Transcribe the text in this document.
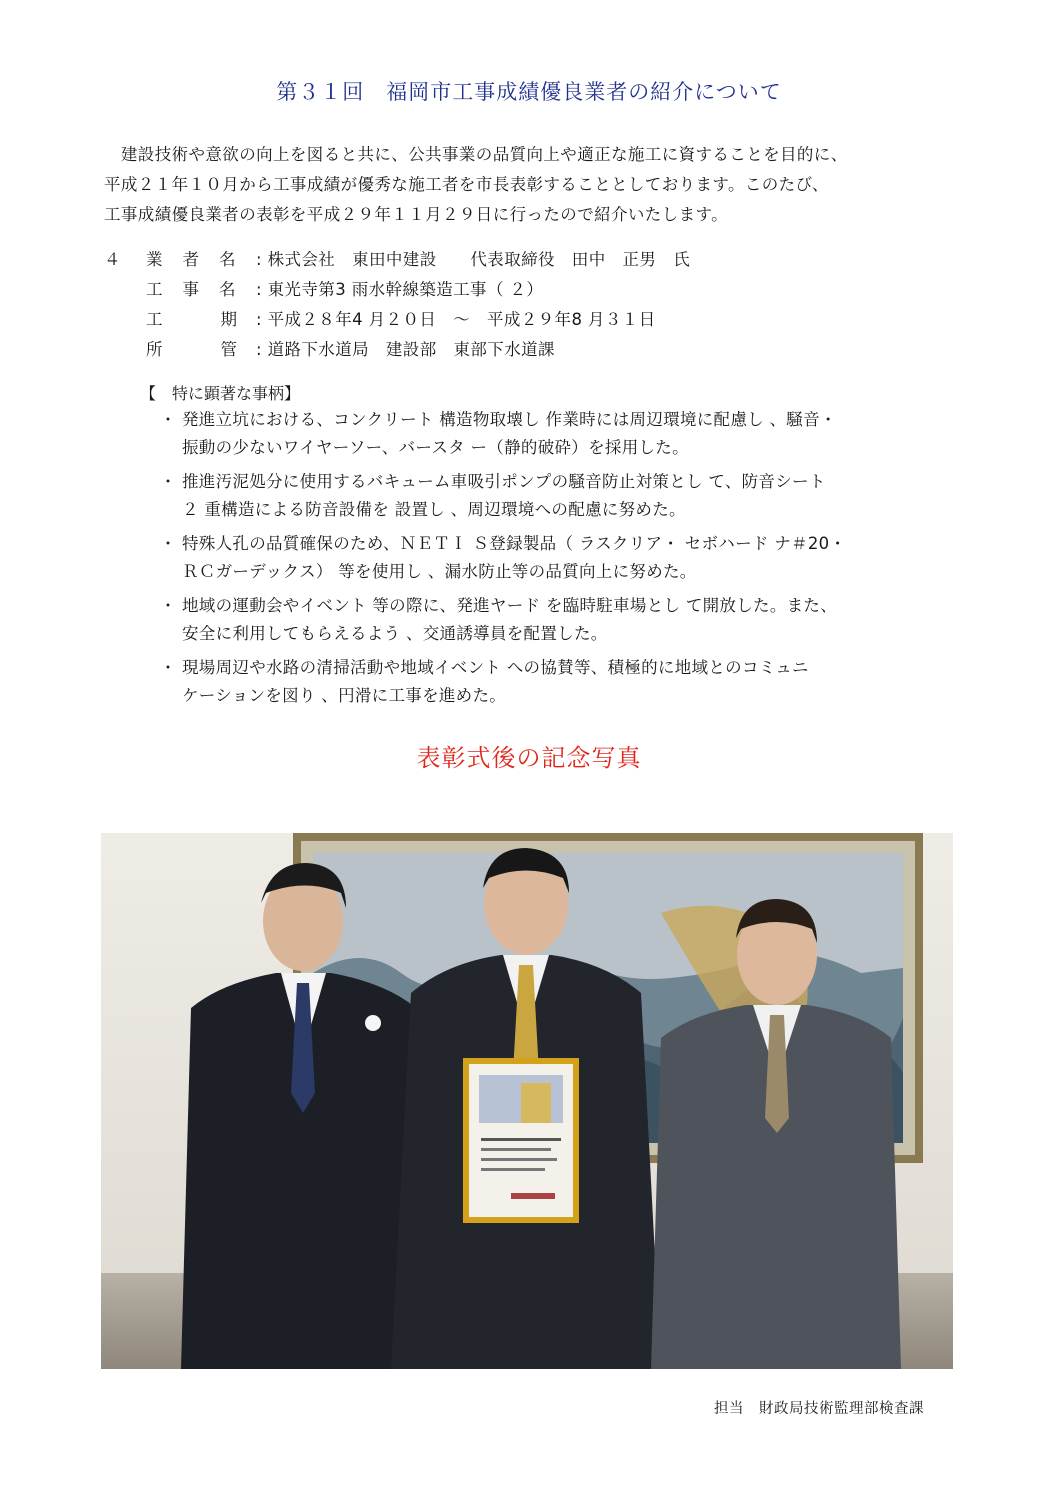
第３１回　福岡市工事成績優良業者の紹介について

　建設技術や意欲の向上を図ると共に、公共事業の品質向上や適正な施工に資することを目的に、

平成２１年１０月から工事成績が優秀な施工者を市長表彰することとしております。このたび、

工事成績優良業者の表彰を平成２９年１１月２９日に行ったので紹介いたします。

４ 業者名 : 株式会社　東田中建設　　代表取締役　田中　正男　氏
工事名 : 東光寺第3 雨水幹線築造工事（ ２）
工期
: 平成２８年4 月２０日　～　平成２９年8 月３１日
所管
: 道路下水道局　建設部　東部下水道課
【　特に顕著な事柄】
・ 発進立坑における、コンクリート 構造物取壊し 作業時には周辺環境に配慮し 、騒音・
振動の少ないワイヤーソー、バースタ ー（静的破砕）を採用した。
・ 推進汚泥処分に使用するバキューム車吸引ポンプの騒音防止対策とし て、防音シート
２ 重構造による防音設備を 設置し 、周辺環境への配慮に努めた。
・ 特殊人孔の品質確保のため、ＮＥＴＩ Ｓ登録製品（ ラスクリア・ セボハード ナ＃20・
ＲＣガーデックス） 等を使用し 、漏水防止等の品質向上に努めた。
・ 地域の運動会やイベント 等の際に、発進ヤード を臨時駐車場とし て開放した。また、
安全に利用してもらえるよう 、交通誘導員を配置した。
・ 現場周辺や水路の清掃活動や地域イベント への協賛等、積極的に地域とのコミュニ
ケーションを図り 、円滑に工事を進めた。
表彰式後の記念写真
担当　財政局技術監理部検査課
